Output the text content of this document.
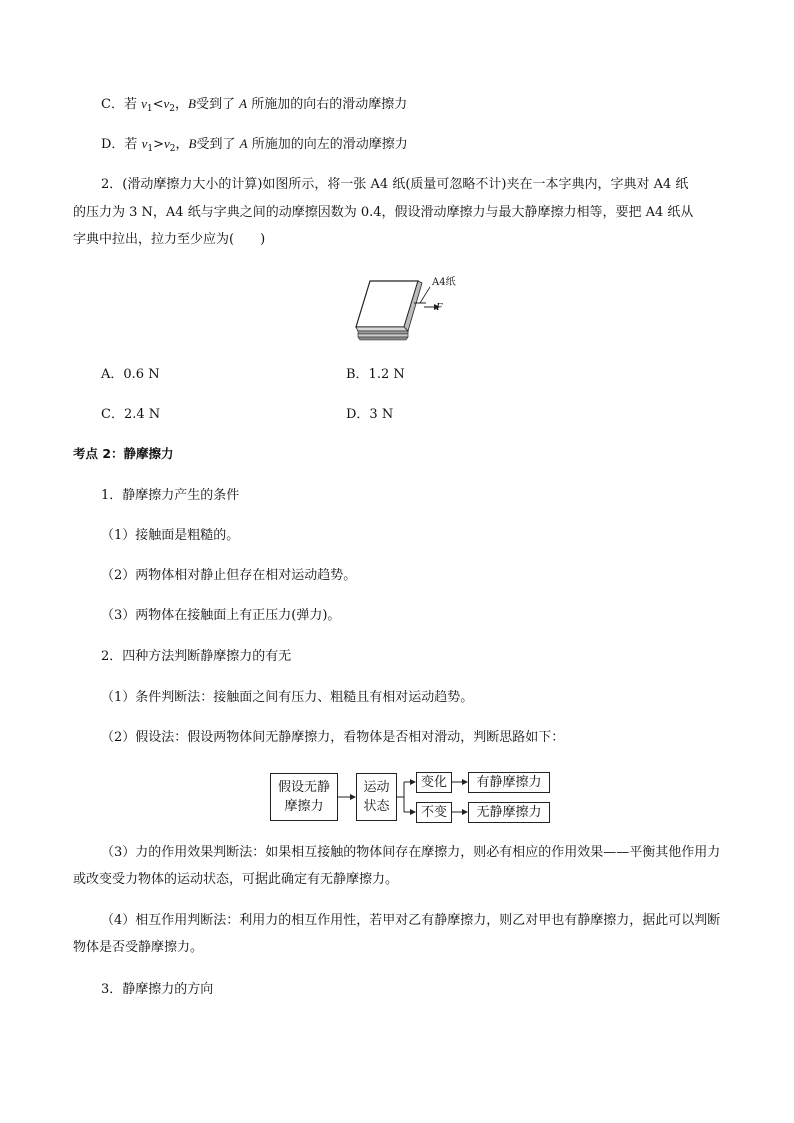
C．若 $v_1<v_2$，B受到了 A 所施加的向右的滑动摩擦力
D．若 $v_1>v_2$，B受到了 A 所施加的向左的滑动摩擦力
2．(滑动摩擦力大小的计算)如图所示，将一张 A4 纸(质量可忽略不计)夹在一本字典内，字典对 A4 纸
的压力为 3 N，A4 纸与字典之间的动摩擦因数为 0.4，假设滑动摩擦力与最大静摩擦力相等，要把 A4 纸从
字典中拉出，拉力至少应为(　　)
A4纸
F
A．0.6 N	B．1.2 N
C．2.4 N	D．3 N
考点 2：静摩擦力
1．静摩擦力产生的条件
（1）接触面是粗糙的。
（2）两物体相对静止但存在相对运动趋势。
（3）两物体在接触面上有正压力(弹力)。
2．四种方法判断静摩擦力的有无
（1）条件判断法：接触面之间有压力、粗糙且有相对运动趋势。
（2）假设法：假设两物体间无静摩擦力，看物体是否相对滑动，判断思路如下：
假设无静
摩擦力
运动
状态
变化
不变
有静摩擦力
无静摩擦力
（3）力的作用效果判断法：如果相互接触的物体间存在摩擦力，则必有相应的作用效果——平衡其他作用力或改变受力物体的运动状态，可据此确定有无静摩擦力。
（4）相互作用判断法：利用力的相互作用性，若甲对乙有静摩擦力，则乙对甲也有静摩擦力，据此可以判断物体是否受静摩擦力。
3．静摩擦力的方向
